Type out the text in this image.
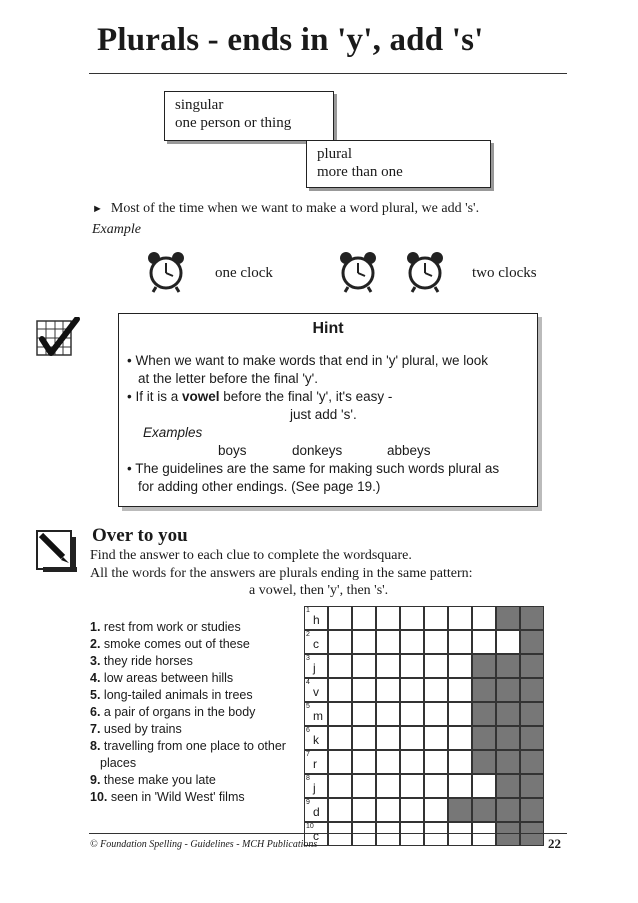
Plurals - ends in 'y', add 's'
singular
one person or thing
plural
more than one
► Most of the time when we want to make a word plural, we add 's'.
Example
one clock	two clocks
Hint
• When we want to make words that end in 'y' plural, we look
at the letter before the final 'y'.
• If it is a vowel before the final 'y', it's easy -
just add 's'.
Examples
boys	donkeys	abbeys
• The guidelines are the same for making such words plural as
for adding other endings. (See page 19.)
Over to you
Find the answer to each clue to complete the wordsquare.
All the words for the answers are plurals ending in the same pattern:
a vowel, then 'y', then 's'.
1. rest from work or studies
2. smoke comes out of these
3. they ride horses
4. low areas between hills
5. long-tailed animals in trees
6. a pair of organs in the body
7. used by trains
8. travelling from one place to other
places
9. these make you late
10. seen in 'Wild West' films
1
h
2
c
3
j
4
v
5
m
6
k
7
r
8
j
9
d
10
c
© Foundation Spelling - Guidelines - MCH Publications	22
